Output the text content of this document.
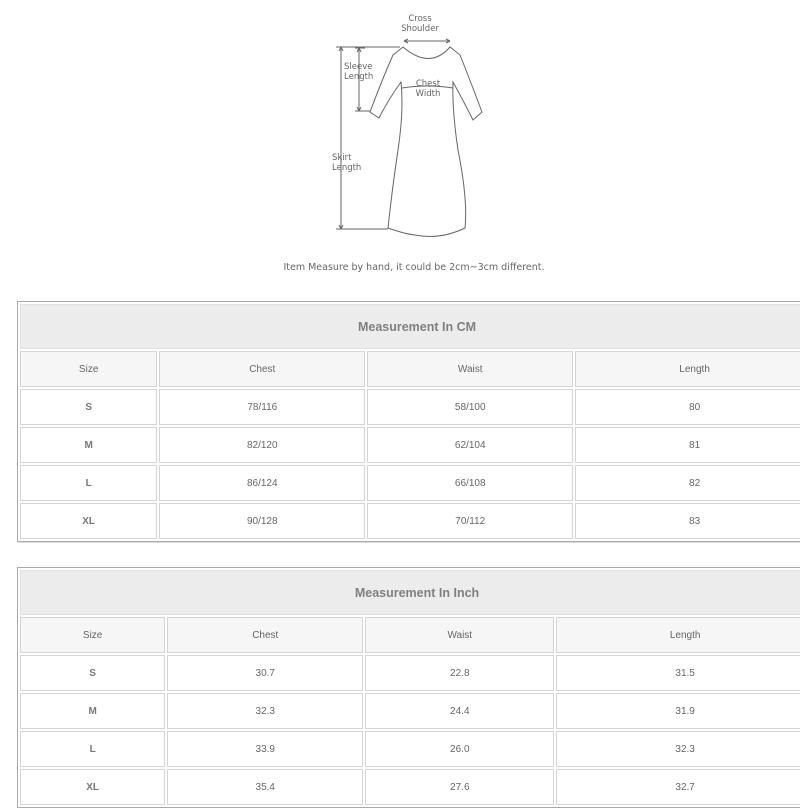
Cross
Shoulder
Sleeve
Length
Chest
Width
Skirt
Length
Item Measure by hand, it could be 2cm~3cm different.
Measurement In CM			
Size	Chest	Waist	Length
S	78/116	58/100	80
M	82/120	62/104	81
L	86/124	66/108	82
XL	90/128	70/112	83
Measurement In Inch			
Size	Chest	Waist	Length
S	30.7	22.8	31.5
M	32.3	24.4	31.9
L	33.9	26.0	32.3
XL	35.4	27.6	32.7
